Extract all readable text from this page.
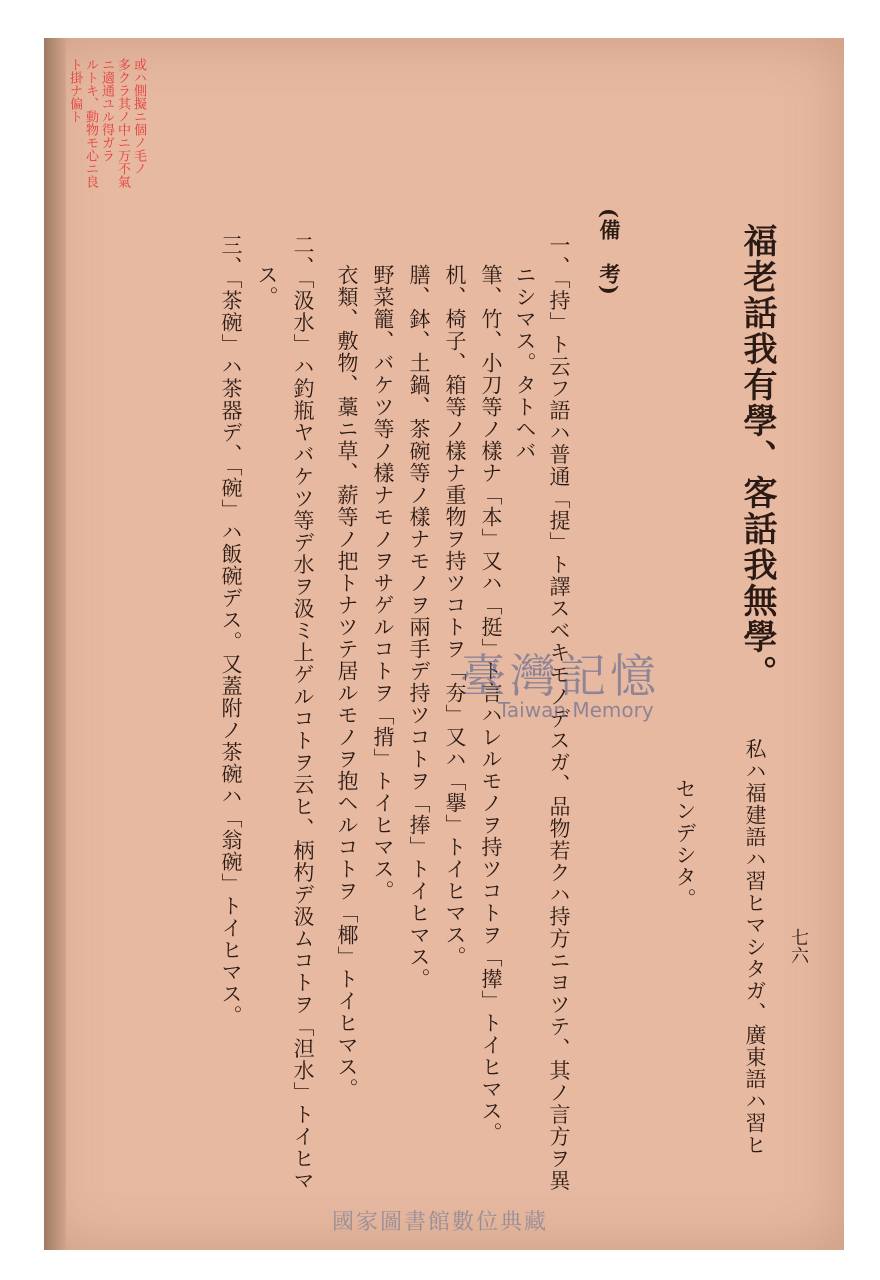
七六
私ハ福建語ハ習ヒマシタガ、廣東語ハ習ヒ
福老話我有學、客話我無學。
センデシタ。
(備　考)
一、「持」ト云フ語ハ普通「提」ト譯スベキモノデスガ、品物若クハ持方ニヨツテ、其ノ言方ヲ異
ニシマス。タトヘバ
筆、竹、小刀等ノ樣ナ「本」又ハ「挺」ト言ハレルモノヲ持ツコトヲ「撵」トイヒマス。
机、椅子、箱等ノ樣ナ重物ヲ持ツコトヲ「夯」又ハ「擧」トイヒマス。
膳、鉢、土鍋、茶碗等ノ樣ナモノヲ兩手デ持ツコトヲ「捧」トイヒマス。
野菜籠、バケツ等ノ樣ナモノヲサゲルコトヲ「揹」トイヒマス。
衣類、敷物、藁ニ草、薪等ノ把トナツテ居ルモノヲ抱ヘルコトヲ「椰」トイヒマス。
二、「汲水」ハ釣瓶ヤバケツ等デ水ヲ汲ミ上ゲルコトヲ云ヒ、柄杓デ汲ムコトヲ「泹水」トイヒマ
ス。
三、「茶碗」ハ茶器デ、「碗」ハ飯碗デス。又蓋附ノ茶碗ハ「翁碗」トイヒマス。
或ハ側擬ニ個ノ毛ノ
多クラ其ノ中ニ万不氣
ニ適通ユル得ガラ
ルトキ、動物モ心ニ良
ト掛ナ偏ト
臺灣記憶
Taiwan Memory
國家圖書館數位典藏
